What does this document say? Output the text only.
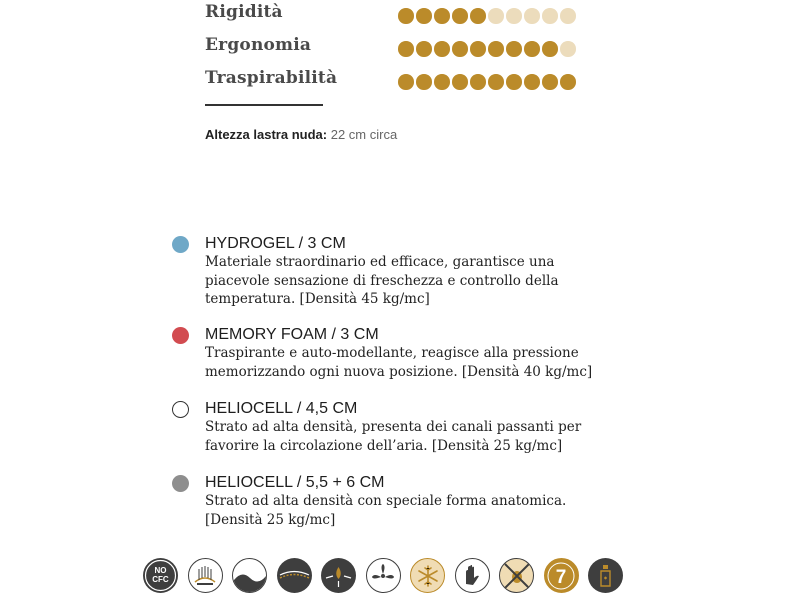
Rigidità
Ergonomia
Traspirabilità
Altezza lastra nuda: 22 cm circa
HYDROGEL / 3 CM
Materiale straordinario ed efficace, garantisce una
piacevole sensazione di freschezza e controllo della
temperatura. [Densità 45 kg/mc]
MEMORY FOAM / 3 CM
Traspirante e auto-modellante, reagisce alla pressione
memorizzando ogni nuova posizione. [Densità 40 kg/mc]
HELIOCELL / 4,5 CM
Strato ad alta densità, presenta dei canali passanti per
favorire la circolazione dell’aria. [Densità 25 kg/mc]
HELIOCELL / 5,5 + 6 CM
Strato ad alta densità con speciale forma anatomica.
[Densità 25 kg/mc]
NO
CFC	7
